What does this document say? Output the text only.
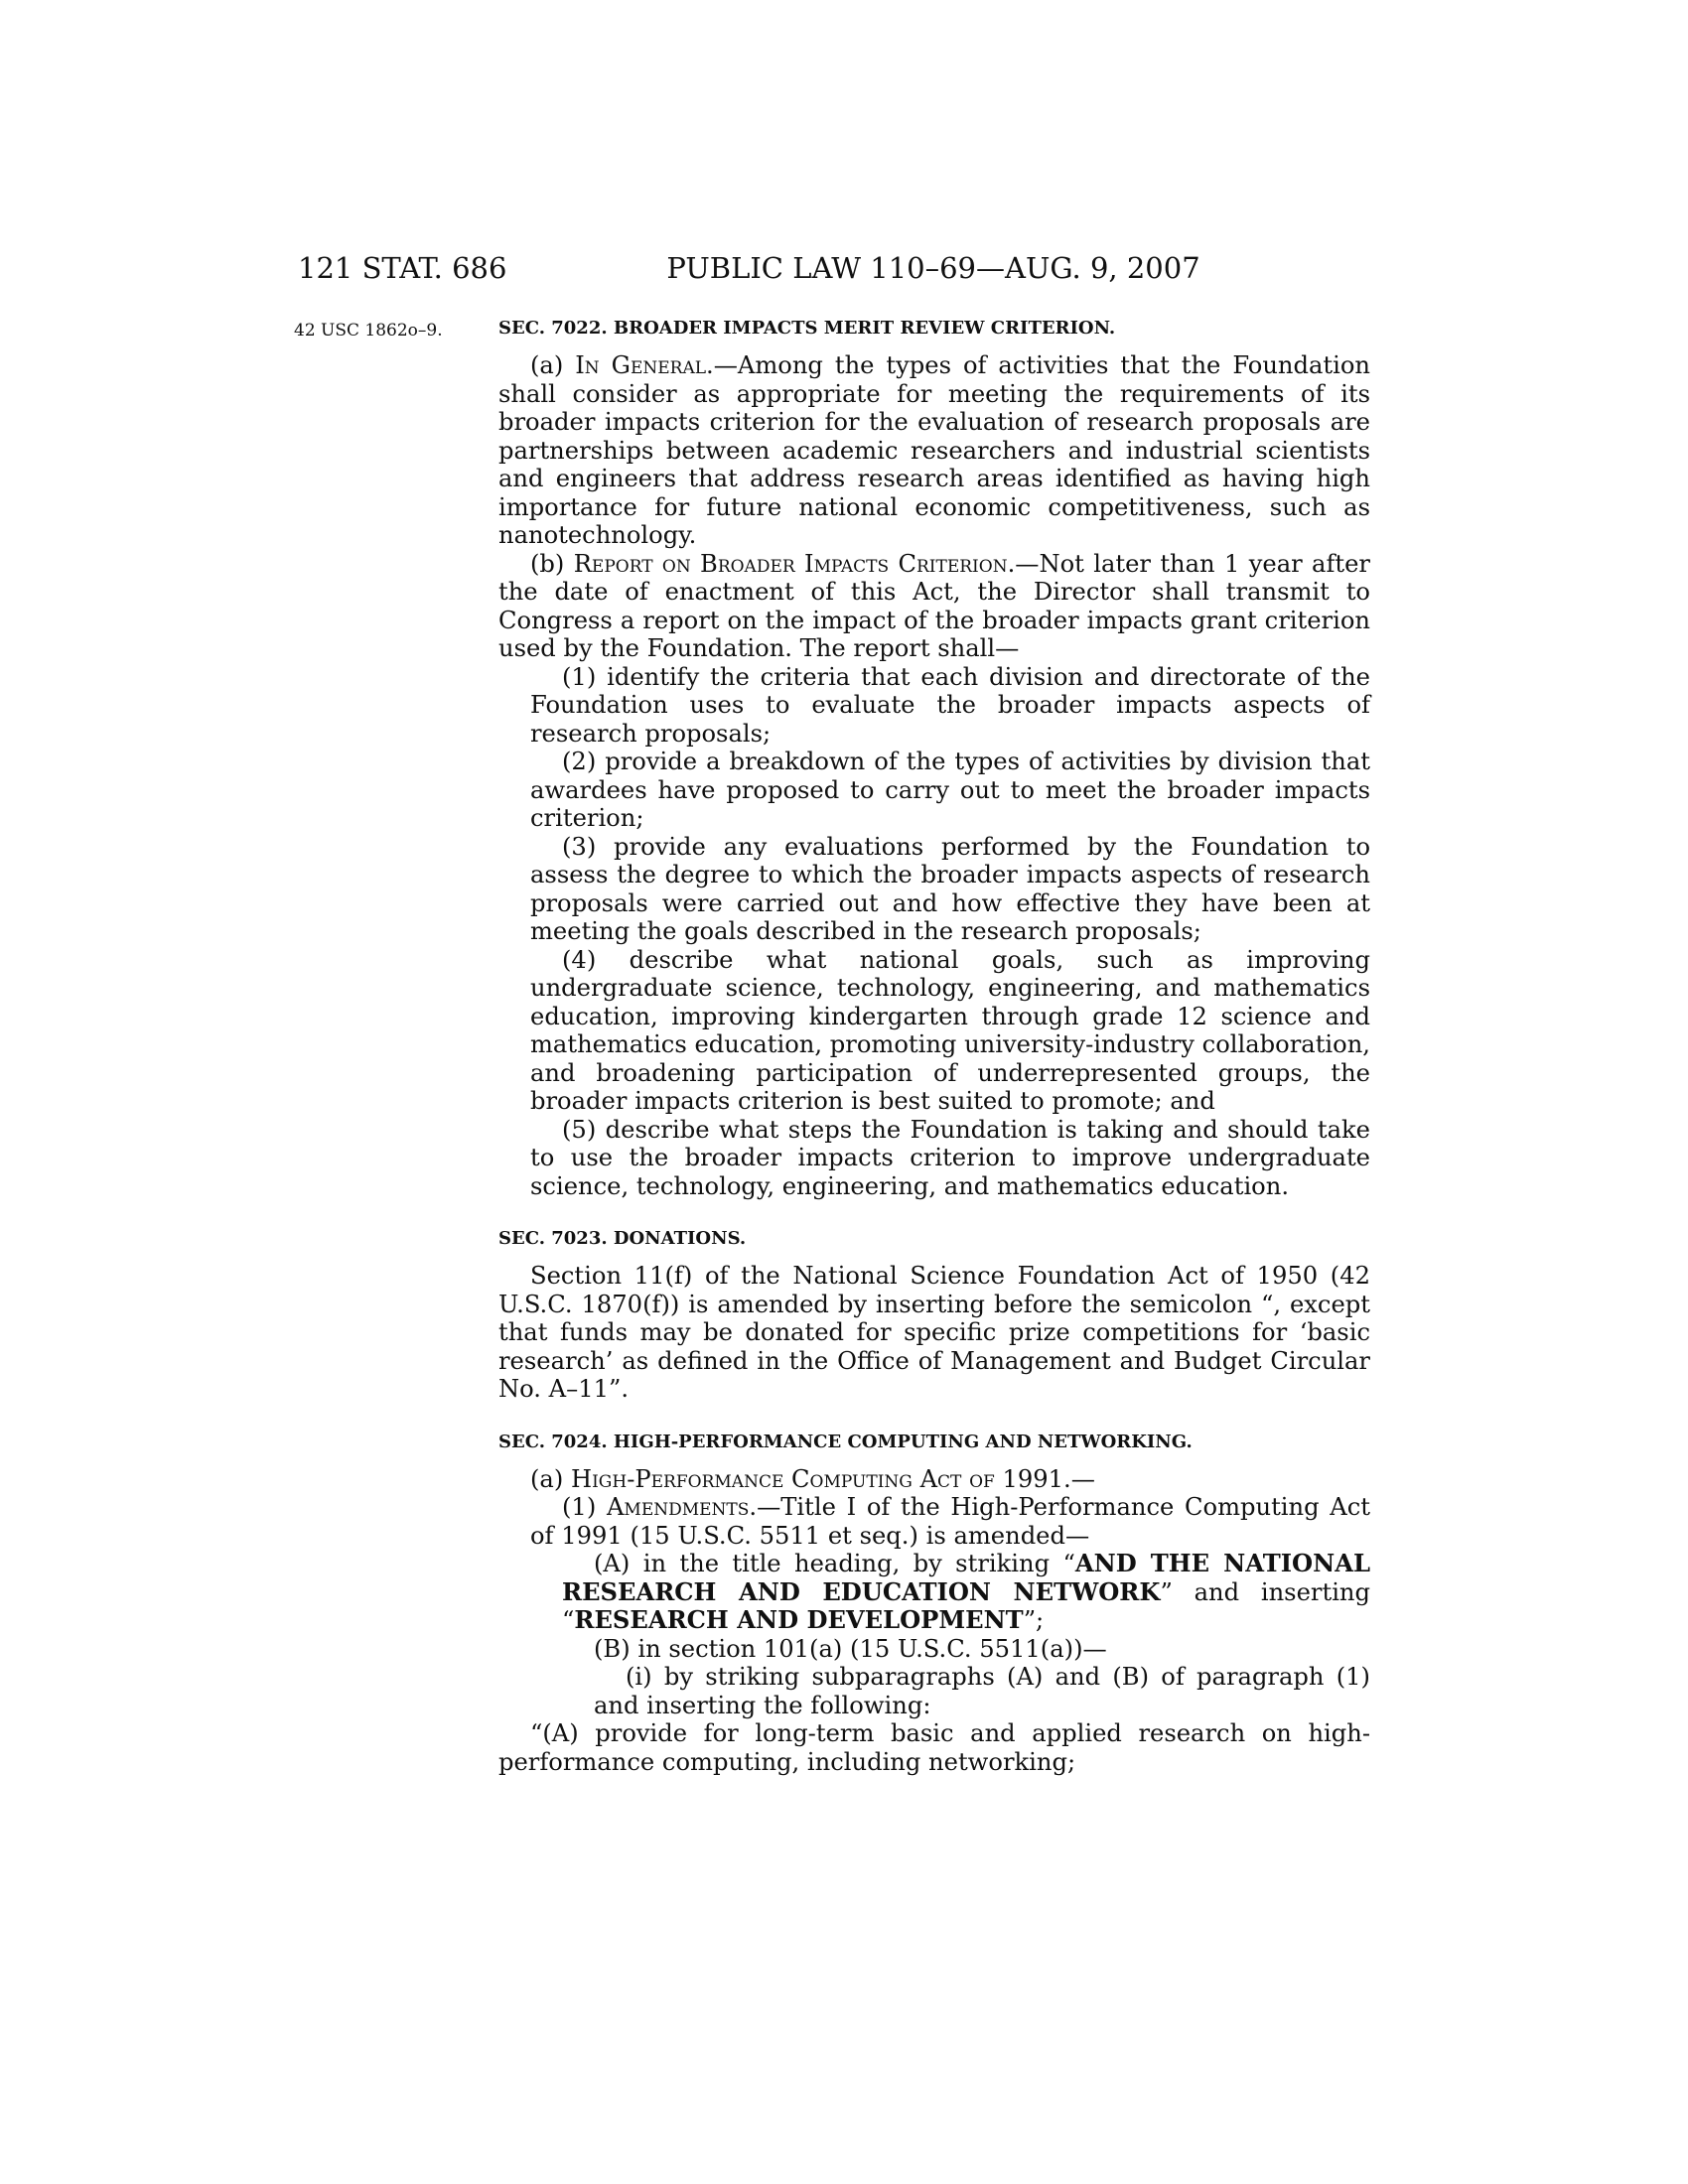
121 STAT. 686	PUBLIC LAW 110–69—AUG. 9, 2007
42 USC 1862o–9.	SEC. 7022. BROADER IMPACTS MERIT REVIEW CRITERION.

(a) In General.—Among the types of activities that the Foundation shall consider as appropriate for meeting the requirements of its broader impacts criterion for the evaluation of research proposals are partnerships between academic researchers and industrial scientists and engineers that address research areas identified as having high importance for future national economic competitiveness, such as nanotechnology.

(b) Report on Broader Impacts Criterion.—Not later than 1 year after the date of enactment of this Act, the Director shall transmit to Congress a report on the impact of the broader impacts grant criterion used by the Foundation. The report shall—

(1) identify the criteria that each division and directorate of the Foundation uses to evaluate the broader impacts aspects of research proposals;

(2) provide a breakdown of the types of activities by division that awardees have proposed to carry out to meet the broader impacts criterion;

(3) provide any evaluations performed by the Foundation to assess the degree to which the broader impacts aspects of research proposals were carried out and how effective they have been at meeting the goals described in the research proposals;

(4) describe what national goals, such as improving undergraduate science, technology, engineering, and mathematics education, improving kindergarten through grade 12 science and mathematics education, promoting university-industry collaboration, and broadening participation of underrepresented groups, the broader impacts criterion is best suited to promote; and

(5) describe what steps the Foundation is taking and should take to use the broader impacts criterion to improve undergraduate science, technology, engineering, and mathematics education.

SEC. 7023. DONATIONS.

Section 11(f) of the National Science Foundation Act of 1950 (42 U.S.C. 1870(f)) is amended by inserting before the semicolon “, except that funds may be donated for specific prize competitions for ‘basic research’ as defined in the Office of Management and Budget Circular No. A–11”.

SEC. 7024. HIGH-PERFORMANCE COMPUTING AND NETWORKING.

(a) High-Performance Computing Act of 1991.—

(1) Amendments.—Title I of the High-Performance Computing Act of 1991 (15 U.S.C. 5511 et seq.) is amended—

(A) in the title heading, by striking “AND THE NATIONAL RESEARCH AND EDUCATION NETWORK” and inserting “RESEARCH AND DEVELOPMENT”;

(B) in section 101(a) (15 U.S.C. 5511(a))—

(i) by striking subparagraphs (A) and (B) of paragraph (1) and inserting the following:

“(A) provide for long-term basic and applied research on high-performance computing, including networking;
